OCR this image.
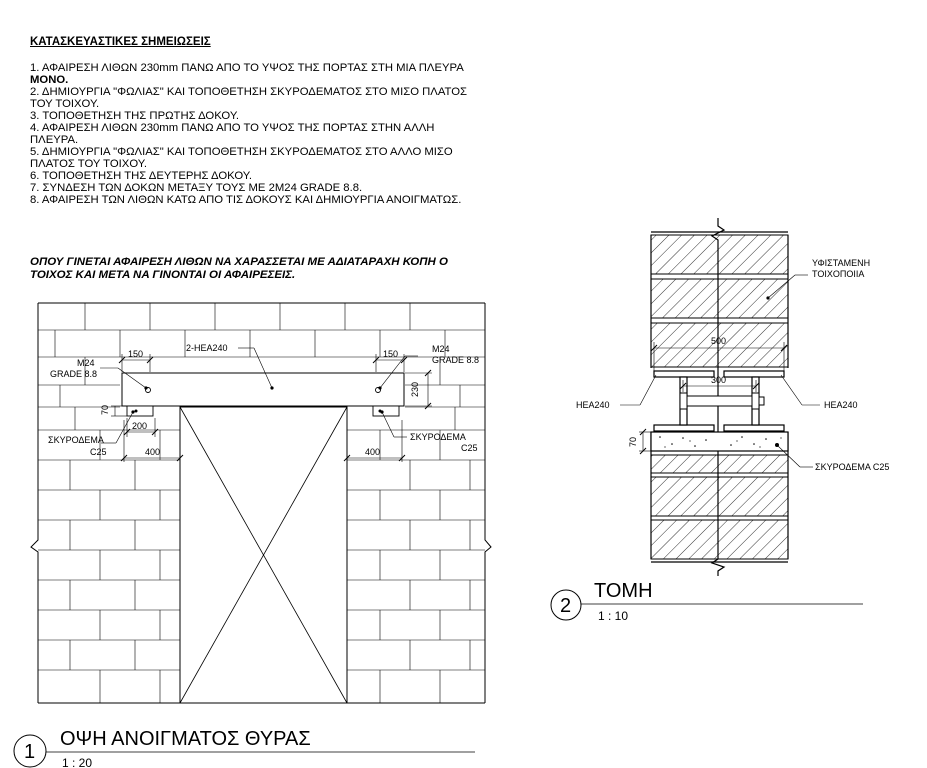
ΚΑΤΑΣΚΕΥΑΣΤΙΚΕΣ ΣΗΜΕΙΩΣΕΙΣ
1. ΑΦΑΙΡΕΣΗ ΛΙΘΩΝ 230mm ΠΑΝΩ ΑΠΟ ΤΟ ΥΨΟΣ ΤΗΣ ΠΟΡΤΑΣ ΣΤΗ ΜΙΑ ΠΛΕΥΡΑ
ΜΟΝΟ.
2. ΔΗΜΙΟΥΡΓΙΑ "ΦΩΛΙΑΣ" ΚΑΙ ΤΟΠΟΘΕΤΗΣΗ ΣΚΥΡΟΔΕΜΑΤΟΣ ΣΤΟ ΜΙΣΟ ΠΛΑΤΟΣ
ΤΟΥ ΤΟΙΧΟΥ.
3. ΤΟΠΟΘΕΤΗΣΗ ΤΗΣ ΠΡΩΤΗΣ ΔΟΚΟΥ.
4. ΑΦΑΙΡΕΣΗ ΛΙΘΩΝ 230mm ΠΑΝΩ ΑΠΟ ΤΟ ΥΨΟΣ ΤΗΣ ΠΟΡΤΑΣ ΣΤΗΝ ΑΛΛΗ
ΠΛΕΥΡΑ.
5. ΔΗΜΙΟΥΡΓΙΑ "ΦΩΛΙΑΣ" ΚΑΙ ΤΟΠΟΘΕΤΗΣΗ ΣΚΥΡΟΔΕΜΑΤΟΣ ΣΤΟ ΑΛΛΟ ΜΙΣΟ
ΠΛΑΤΟΣ ΤΟΥ ΤΟΙΧΟΥ.
6. ΤΟΠΟΘΕΤΗΣΗ ΤΗΣ ΔΕΥΤΕΡΗΣ ΔΟΚΟΥ.
7. ΣΥΝΔΕΣΗ ΤΩΝ ΔΟΚΩΝ ΜΕΤΑΞΥ ΤΟΥΣ ΜΕ 2Μ24 GRADE 8.8.
8. ΑΦΑΙΡΕΣΗ ΤΩΝ ΛΙΘΩΝ ΚΑΤΩ ΑΠΟ ΤΙΣ ΔΟΚΟΥΣ ΚΑΙ ΔΗΜΙΟΥΡΓΙΑ ΑΝΟΙΓΜΑΤΩΣ.
ΟΠΟΥ ΓΙΝΕΤΑΙ ΑΦΑΙΡΕΣΗ ΛΙΘΩΝ ΝΑ ΧΑΡΑΣΣΕΤΑΙ ΜΕ ΑΔΙΑΤΑΡΑΧΗ ΚΟΠΗ Ο
ΤΟΙΧΟΣ ΚΑΙ ΜΕΤΑ ΝΑ ΓΙΝΟΝΤΑΙ ΟΙ ΑΦΑΙΡΕΣΕΙΣ.
2-HEA240
M24
GRADE 8.8
M24
GRADE 8.8
150	150
230
70
200
400	400
ΣΚΥΡΟΔΕΜΑ
C25
ΣΚΥΡΟΔΕΜΑ
C25
1
ΟΨΗ ΑΝΟΙΓΜΑΤΟΣ ΘΥΡΑΣ
1 : 20
ΥΦΙΣΤΑΜΕΝΗ
ΤΟΙΧΟΠΟΙΙΑ
500
300
70
HEA240	HEA240
ΣΚΥΡΟΔΕΜΑ C25
2
ΤΟΜΗ
1 : 10
